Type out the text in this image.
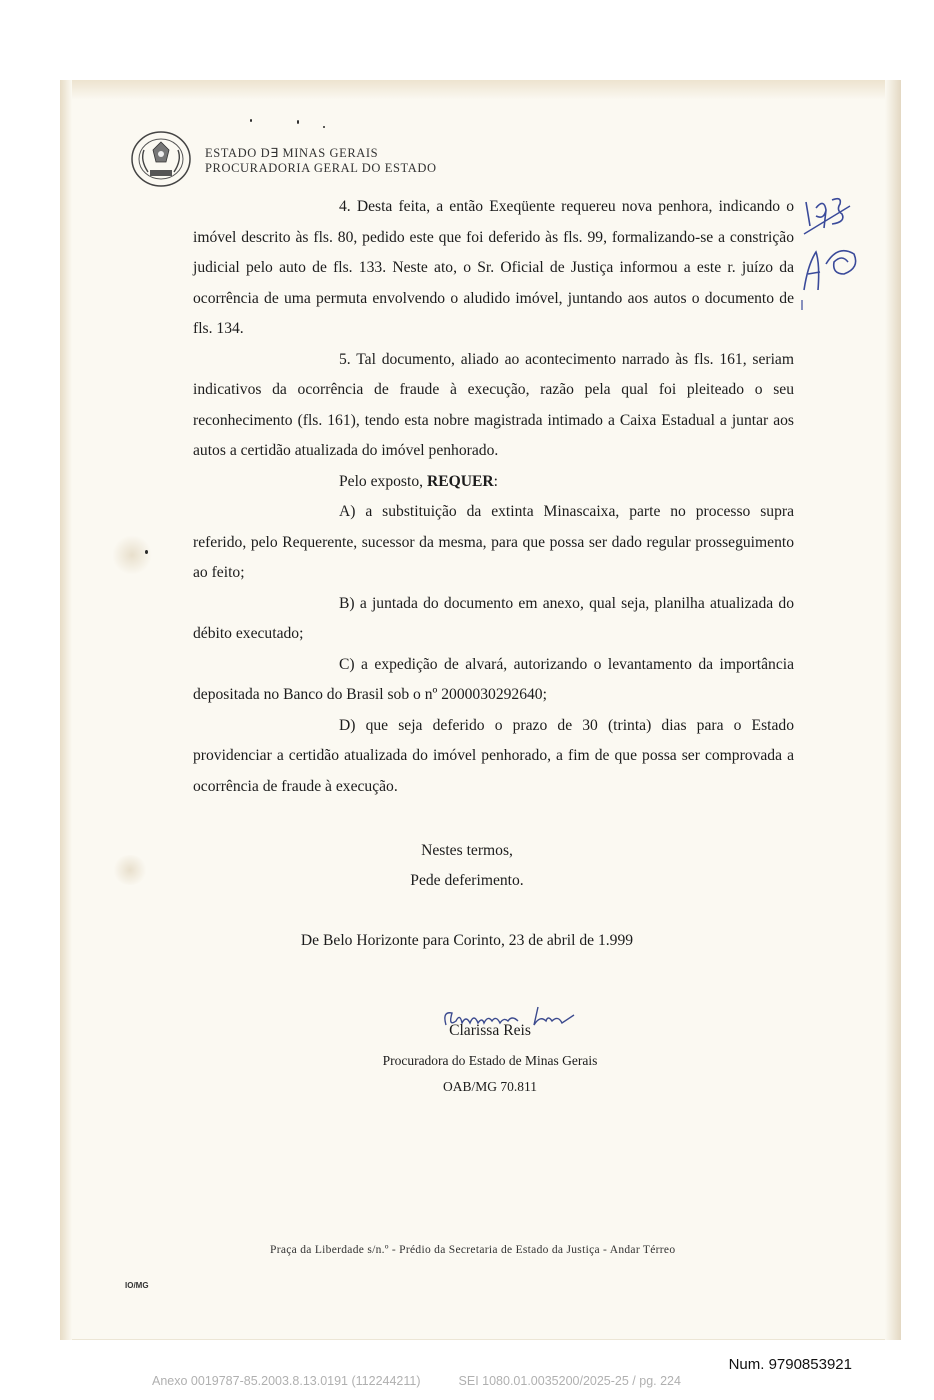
ESTADO D∃ MINAS GERAIS
PROCURADORIA GERAL DO ESTADO

4. Desta feita, a então Exeqüente requereu nova penhora, indicando o imóvel descrito às fls. 80, pedido este que foi deferido às fls. 99, formalizando-se a constrição judicial pelo auto de fls. 133. Neste ato, o Sr. Oficial de Justiça informou a este r. juízo da ocorrência de uma permuta envolvendo o aludido imóvel, juntando aos autos o documento de fls. 134.

5. Tal documento, aliado ao acontecimento narrado às fls. 161, seriam indicativos da ocorrência de fraude à execução, razão pela qual foi pleiteado o seu reconhecimento (fls. 161), tendo esta nobre magistrada intimado a Caixa Estadual a juntar aos autos a certidão atualizada do imóvel penhorado.

Pelo exposto, REQUER:

A) a substituição da extinta Minascaixa, parte no processo supra referido, pelo Requerente, sucessor da mesma, para que possa ser dado regular prosseguimento ao feito;

B) a juntada do documento em anexo, qual seja, planilha atualizada do débito executado;

C) a expedição de alvará, autorizando o levantamento da importância depositada no Banco do Brasil sob o nº 2000030292640;

D) que seja deferido o prazo de 30 (trinta) dias para o Estado providenciar a certidão atualizada do imóvel penhorado, a fim de que possa ser comprovada a ocorrência de fraude à execução.

Nestes termos,
Pede deferimento.
De Belo Horizonte para Corinto, 23 de abril de 1.999
Clarissa Reis
Procuradora do Estado de Minas Gerais
OAB/MG 70.811
Praça da Liberdade s/n.º - Prédio da Secretaria de Estado da Justiça - Andar Térreo
IO/MG
Num. 9790853921
Anexo 0019787-85.2003.8.13.0191 (112244211)	SEI 1080.01.0035200/2025-25 / pg. 224
